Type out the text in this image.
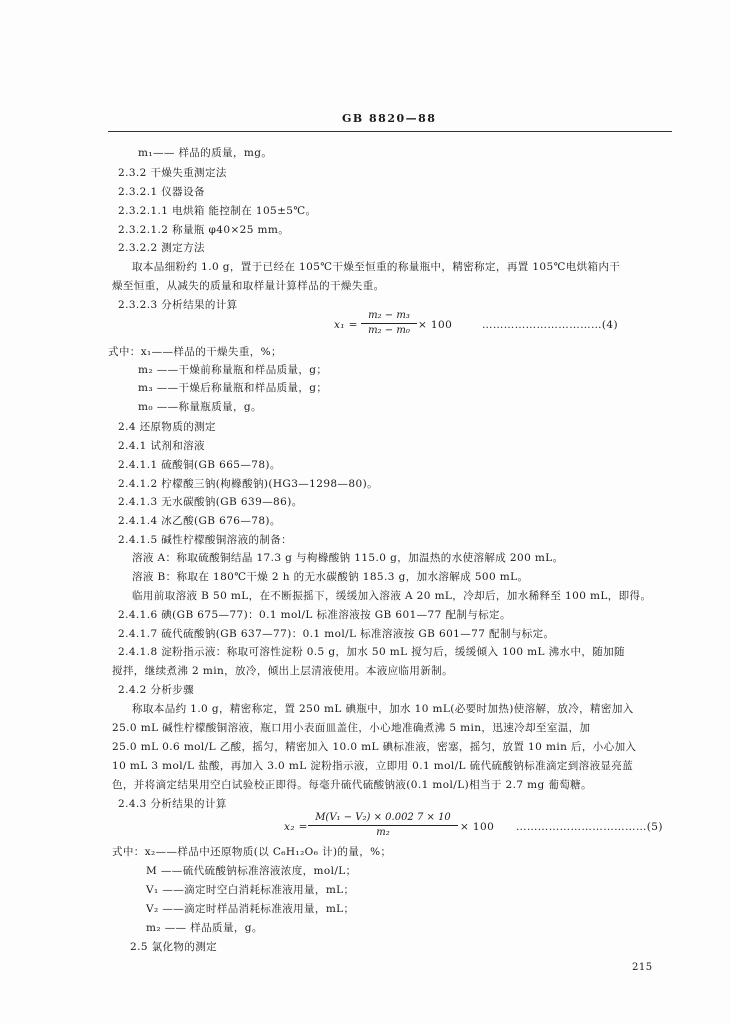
GB 8820—88
m₁—— 样品的质量，mg。
2.3.2 干燥失重测定法
2.3.2.1 仪器设备
2.3.2.1.1 电烘箱 能控制在 105±5℃。
2.3.2.1.2 称量瓶 φ40×25 mm。
2.3.2.2 测定方法
取本品细粉约 1.0 g，置于已经在 105℃干燥至恒重的称量瓶中，精密称定，再置 105℃电烘箱内干
燥至恒重，从减失的质量和取样量计算样品的干燥失重。
2.3.2.3 分析结果的计算
x₁ =
m₂ − m₃
m₂ − m₀ × 100	……………………………(4)
式中：x₁——样品的干燥失重，%；
m₂ ——干燥前称量瓶和样品质量，g；
m₃ ——干燥后称量瓶和样品质量，g；
m₀ ——称量瓶质量，g。
2.4 还原物质的测定
2.4.1 试剂和溶液
2.4.1.1 硫酸铜(GB 665—78)。
2.4.1.2 柠檬酸三钠(枸橼酸钠)(HG3—1298—80)。
2.4.1.3 无水碳酸钠(GB 639—86)。
2.4.1.4 冰乙酸(GB 676—78)。
2.4.1.5 碱性柠檬酸铜溶液的制备：
溶液 A：称取硫酸铜结晶 17.3 g 与枸橼酸钠 115.0 g，加温热的水使溶解成 200 mL。
溶液 B：称取在 180℃干燥 2 h 的无水碳酸钠 185.3 g，加水溶解成 500 mL。
临用前取溶液 B 50 mL，在不断振摇下，缓缓加入溶液 A 20 mL，冷却后，加水稀释至 100 mL，即得。
2.4.1.6 碘(GB 675—77)：0.1 mol/L 标准溶液按 GB 601—77 配制与标定。
2.4.1.7 硫代硫酸钠(GB 637—77)：0.1 mol/L 标准溶液按 GB 601—77 配制与标定。
2.4.1.8 淀粉指示液：称取可溶性淀粉 0.5 g，加水 50 mL 搅匀后，缓缓倾入 100 mL 沸水中，随加随
搅拌，继续煮沸 2 min，放冷，倾出上层清液使用。本液应临用新制。
2.4.2 分析步骤
称取本品约 1.0 g，精密称定，置 250 mL 碘瓶中，加水 10 mL(必要时加热)使溶解，放冷，精密加入
25.0 mL 碱性柠檬酸铜溶液，瓶口用小表面皿盖住，小心地准确煮沸 5 min，迅速冷却至室温，加
25.0 mL 0.6 mol/L 乙酸，摇匀，精密加入 10.0 mL 碘标准液，密塞，摇匀，放置 10 min 后，小心加入
10 mL 3 mol/L 盐酸，再加入 3.0 mL 淀粉指示液，立即用 0.1 mol/L 硫代硫酸钠标准滴定到溶液显亮蓝
色，并将滴定结果用空白试验校正即得。每毫升硫代硫酸钠液(0.1 mol/L)相当于 2.7 mg 葡萄糖。
2.4.3 分析结果的计算
x₂ =
M(V₁ − V₂) × 0.002 7 × 10
m₂	× 100 ………………………………(5)
式中：x₂——样品中还原物质(以 C₆H₁₂O₆ 计)的量，%；
M ——硫代硫酸钠标准溶液浓度，mol/L；
V₁ ——滴定时空白消耗标准液用量，mL；
V₂ ——滴定时样品消耗标准液用量，mL；
m₂ —— 样品质量，g。
2.5 氯化物的测定
215
